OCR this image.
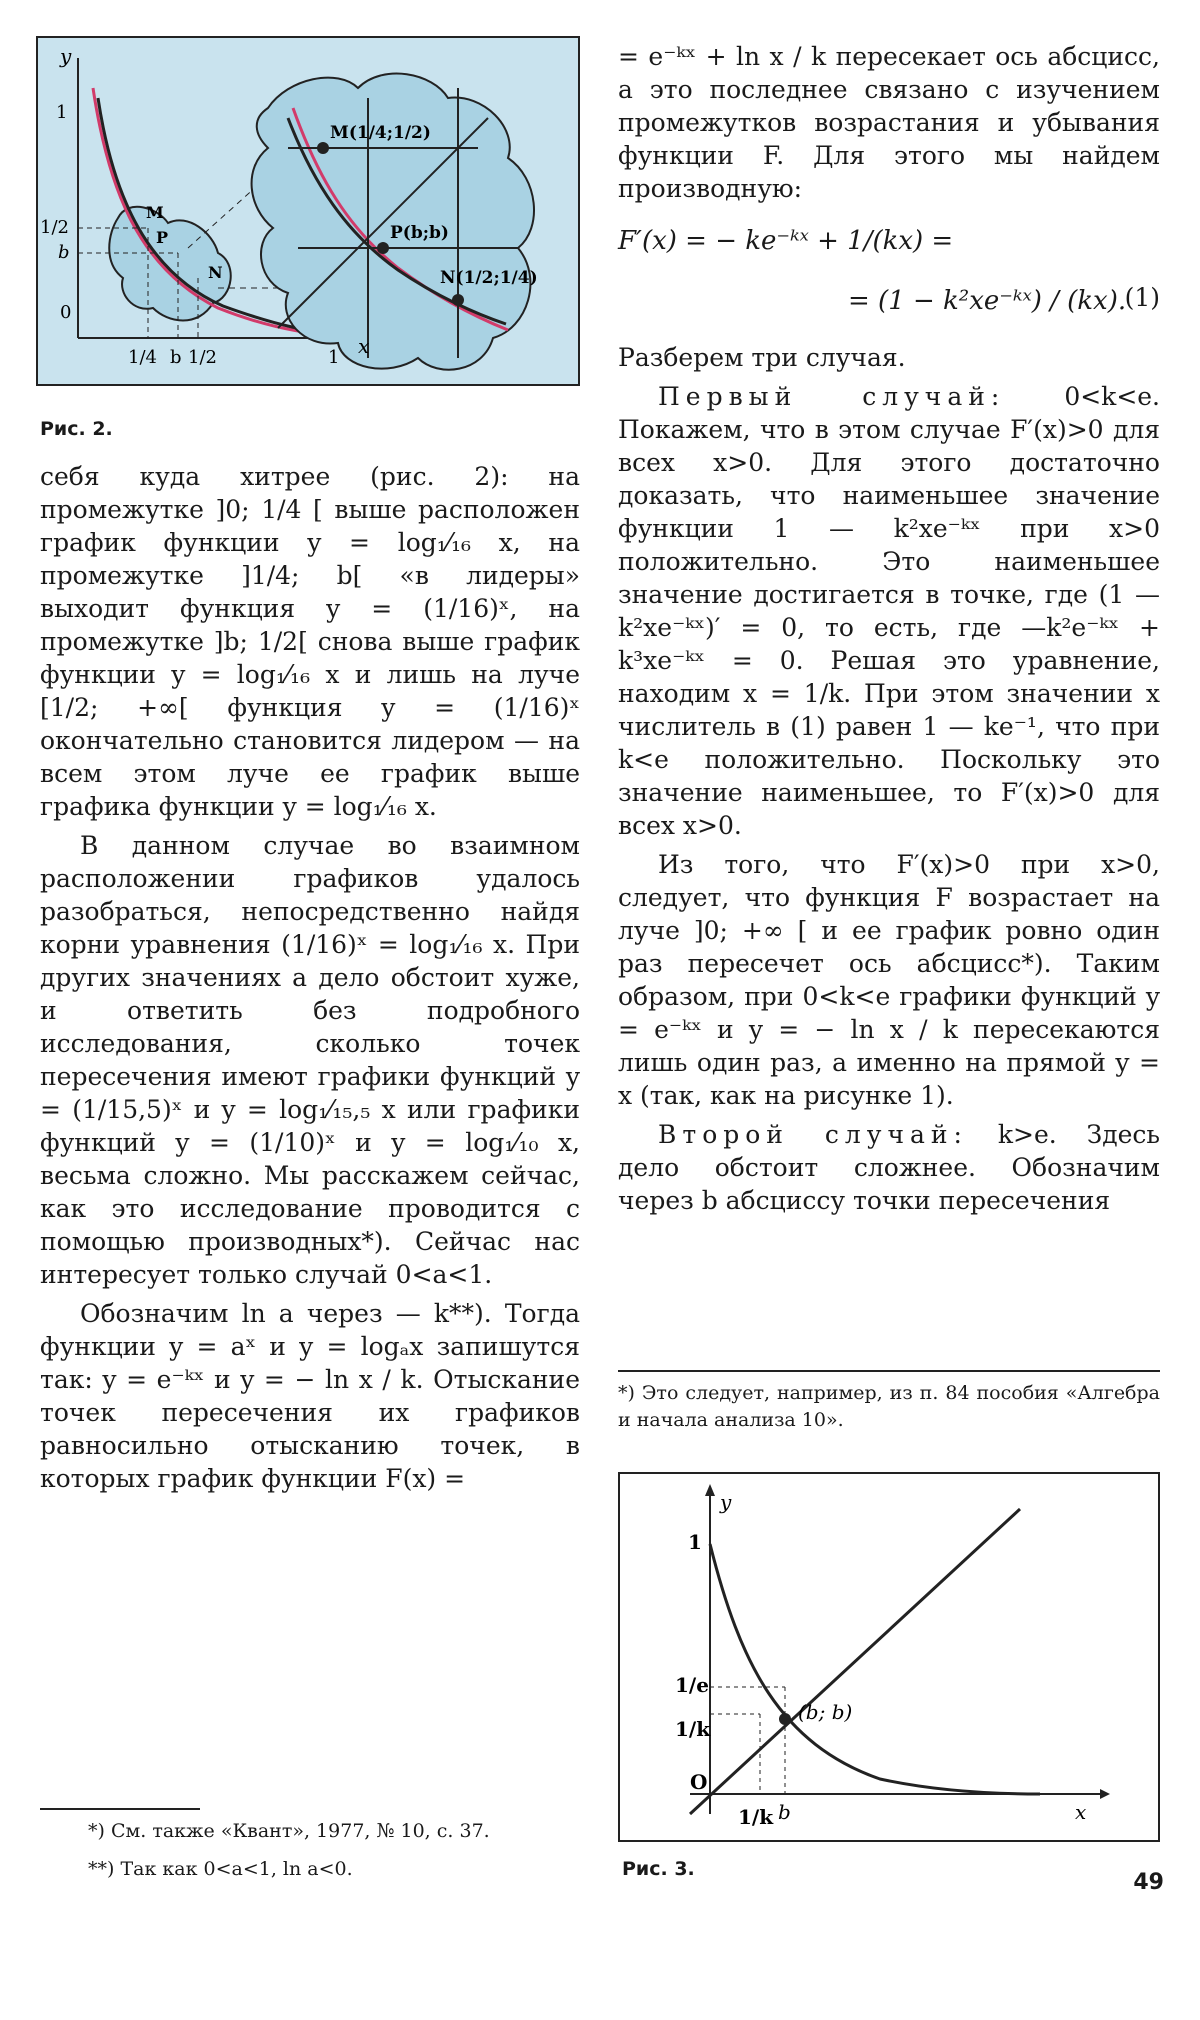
y
1
1/2
b
0
1/4 b 1/2	1 x
M
P
N
M(1/4;1/2)
P(b;b)
N(1/2;1/4)
Рис. 2.

себя куда хитрее (рис. 2): на промежутке ]0; 1/4 [ выше расположен график функции y = log₁⁄₁₆ x, на промежутке ]1/4; b[ «в лидеры» выходит функция y = (1/16)ˣ, на промежутке ]b; 1/2[ снова выше график функции y = log₁⁄₁₆ x и лишь на луче [1/2; +∞[ функция y = (1/16)ˣ окончательно становится лидером — на всем этом луче ее график выше графика функции y = log₁⁄₁₆ x.

В данном случае во взаимном расположении графиков удалось разобраться, непосредственно найдя корни уравнения (1/16)ˣ = log₁⁄₁₆ x. При других значениях a дело обстоит хуже, и ответить без подробного исследования, сколько точек пересечения имеют графики функций y = (1/15,5)ˣ и y = log₁⁄₁₅,₅ x или графики функций y = (1/10)ˣ и y = log₁⁄₁₀ x, весьма сложно. Мы расскажем сейчас, как это исследование проводится с помощью производных*). Сейчас нас интересует только случай 0<a<1.

Обозначим ln a через — k**). Тогда функции y = aˣ и y = logₐx запишутся так: y = e⁻ᵏˣ и y = − ln x / k. Отыскание точек пересечения их графиков равносильно отысканию точек, в которых график функции F(x) =

*) См. также «Квант», 1977, № 10, с. 37.
**) Так как 0<a<1, ln a<0.

= e⁻ᵏˣ + ln x / k пересекает ось абсцисс, а это последнее связано с изучением промежутков возрастания и убывания функции F. Для этого мы найдем производную:

F′(x) = − ke⁻ᵏˣ + 1/(kx) =
= (1 − k²xe⁻ᵏˣ) / (kx).
(1)

Разберем три случая.

Первый случай: 0<k<e. Покажем, что в этом случае F′(x)>0 для всех x>0. Для этого достаточно доказать, что наименьшее значение функции 1 — k²xe⁻ᵏˣ при x>0 положительно. Это наименьшее значение достигается в точке, где (1 — k²xe⁻ᵏˣ)′ = 0, то есть, где —k²e⁻ᵏˣ + k³xe⁻ᵏˣ = 0. Решая это уравнение, находим x = 1/k. При этом значении x числитель в (1) равен 1 — ke⁻¹, что при k<e положительно. Поскольку это значение наименьшее, то F′(x)>0 для всех x>0.

Из того, что F′(x)>0 при x>0, следует, что функция F возрастает на луче ]0; +∞ [ и ее график ровно один раз пересечет ось абсцисс*). Таким образом, при 0<k<e графики функций y = e⁻ᵏˣ и y = − ln x / k пересекаются лишь один раз, а именно на прямой y = x (так, как на рисунке 1).

Второй случай: k>e. Здесь дело обстоит сложнее. Обозначим через b абсциссу точки пересечения

*) Это следует, например, из п. 84 пособия «Алгебра и начала анализа 10».
y
1
1/e
1/k
O
1/k b	x
(b; b)
Рис. 3.
49
